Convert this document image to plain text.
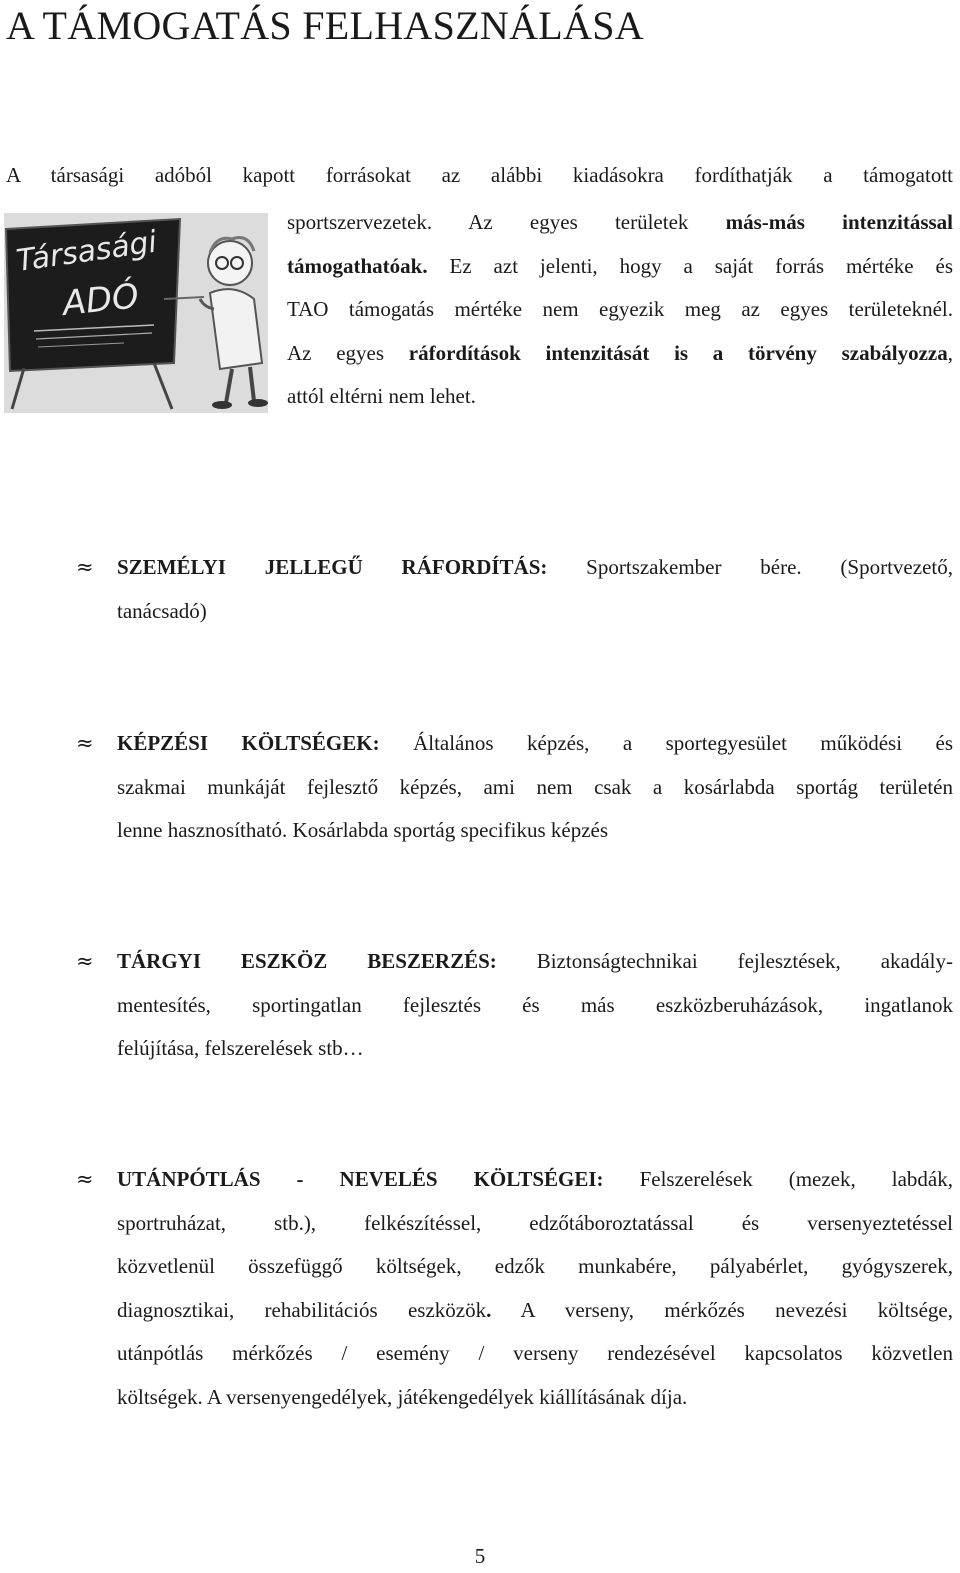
A TÁMOGATÁS FELHASZNÁLÁSA
A társasági adóból kapott forrásokat az alábbi kiadásokra fordíthatják a támogatott
Társasági
ADÓ
sportszervezetek. Az egyes területek más-más intenzitással
támogathatóak. Ez azt jelenti, hogy a saját forrás mértéke és
TAO támogatás mértéke nem egyezik meg az egyes területeknél.
Az egyes ráfordítások intenzitását is a törvény szabályozza,
attól eltérni nem lehet.
≈ SZEMÉLYI JELLEGŰ RÁFORDÍTÁS: Sportszakember bére. (Sportvezető,
tanácsadó)
≈ KÉPZÉSI KÖLTSÉGEK: Általános képzés, a sportegyesület működési és
szakmai munkáját fejlesztő képzés, ami nem csak a kosárlabda sportág területén
lenne hasznosítható. Kosárlabda sportág specifikus képzés
≈ TÁRGYI ESZKÖZ BESZERZÉS: Biztonságtechnikai fejlesztések, akadály-
mentesítés, sportingatlan fejlesztés és más eszközberuházások, ingatlanok
felújítása, felszerelések stb…
≈ UTÁNPÓTLÁS - NEVELÉS KÖLTSÉGEI: Felszerelések (mezek, labdák,
sportruházat, stb.), felkészítéssel, edzőtáboroztatással és versenyeztetéssel
közvetlenül összefüggő költségek, edzők munkabére, pályabérlet, gyógyszerek,
diagnosztikai, rehabilitációs eszközök. A verseny, mérkőzés nevezési költsége,
utánpótlás mérkőzés / esemény / verseny rendezésével kapcsolatos közvetlen
költségek. A versenyengedélyek, játékengedélyek kiállításának díja.
5
